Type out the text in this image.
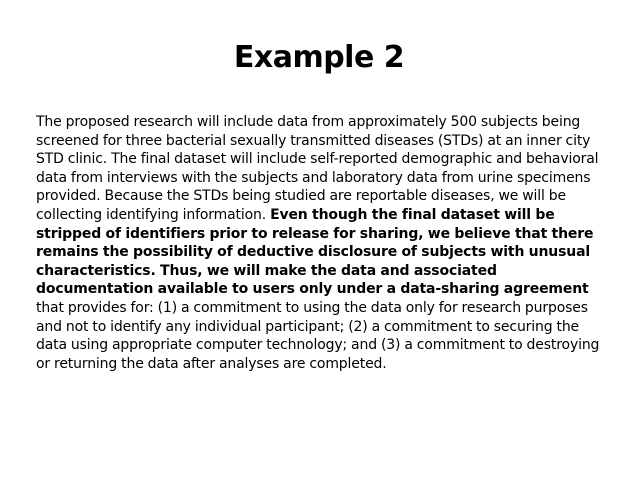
Example 2

The proposed research will include data from approximately 500 subjects being screened for three bacterial sexually transmitted diseases (STDs) at an inner city STD clinic. The final dataset will include self-reported demographic and behavioral data from interviews with the subjects and laboratory data from urine specimens provided. Because the STDs being studied are reportable diseases, we will be collecting identifying information. Even though the final dataset will be stripped of identifiers prior to release for sharing, we believe that there remains the possibility of deductive disclosure of subjects with unusual characteristics. Thus, we will make the data and associated documentation available to users only under a data-sharing agreement that provides for: (1) a commitment to using the data only for research purposes and not to identify any individual participant; (2) a commitment to securing the data using appropriate computer technology; and (3) a commitment to destroying or returning the data after analyses are completed.
